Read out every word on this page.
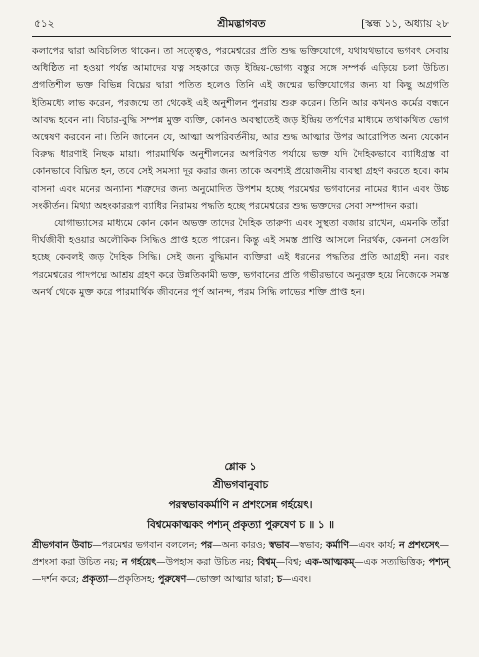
৫১২	শ্রীমদ্ভাগবত	[স্কন্ধ ১১, অধ্যায় ২৮

কলাপের দ্বারা অবিচলিত থাকেন। তা সত্ত্বেও, পরমেশ্বরের প্রতি শুদ্ধ ভক্তিযোগে, যথাযথভাবে ভগবৎ সেবায় অধিষ্ঠিত না হওয়া পর্যন্ত আমাদের যত্ন সহকারে জড় ইন্দ্রিয়-ভোগ্য বস্তুর সঙ্গে সম্পর্ক এড়িয়ে চলা উচিত। প্রগতিশীল ভক্ত বিভিন্ন বিঘ্নের দ্বারা পতিত হলেও তিনি এই জন্মের ভক্তিযোগের জন্য যা কিছু অগ্রগতি ইতিমধ্যে লাভ করেন, পরজন্মে তা থেকেই এই অনুশীলন পুনরায় শুরু করেন। তিনি আর কখনও কর্মের বন্ধনে আবদ্ধ হবেন না। বিচার-বুদ্ধি সম্পন্ন মুক্ত ব্যক্তি, কোনও অবস্থাতেই জড় ইন্দ্রিয় তর্পণের মাধ্যমে তথাকথিত ভোগ অন্বেষণ করবেন না। তিনি জানেন যে, আত্মা অপরিবর্তনীয়, আর শুদ্ধ আত্মার উপর আরোপিত অন্য যেকোন বিরুদ্ধ ধারণাই নিছক মায়া। পারমার্থিক অনুশীলনের অপরিণত পর্যায়ে ভক্ত যদি দৈহিকভাবে ব্যাধিগ্রস্ত বা কোনভাবে বিঘ্নিত হন, তবে সেই সমস্যা দূর করার জন্য তাকে অবশ্যই প্রয়োজনীয় ব্যবস্থা গ্রহণ করতে হবে। কাম বাসনা এবং মনের অন্যান্য শত্রুদের জন্য অনুমোদিত উপশম হচ্ছে পরমেশ্বর ভগবানের নামের ধ্যান এবং উচ্চ সংকীর্তন। মিথ্যা অহংকাররূপ ব্যাধির নিরাময় পদ্ধতি হচ্ছে পরমেশ্বরের শুদ্ধ ভক্তদের সেবা সম্পাদন করা।

যোগাভ্যাসের মাধ্যমে কোন কোন অভক্ত তাদের দৈহিক তারুণ্য এবং সুস্থতা বজায় রাখেন, এমনকি তাঁরা দীর্ঘজীবী হওয়ার অলৌকিক সিদ্ধিও প্রাপ্ত হতে পারেন। কিন্তু এই সমস্ত প্রাপ্তি আসলে নিরর্থক, কেননা সেগুলি হচ্ছে কেবলই জড় দৈহিক সিদ্ধি। সেই জন্য বুদ্ধিমান ব্যক্তিরা এই ধরনের পদ্ধতির প্রতি আগ্রহী নন। বরং পরমেশ্বরের পাদপদ্মে আশ্রয় গ্রহণ করে উন্নতিকামী ভক্ত, ভগবানের প্রতি গভীরভাবে অনুরক্ত হয়ে নিজেকে সমস্ত অনর্থ থেকে মুক্ত করে পারমার্থিক জীবনের পূর্ণ আনন্দ, পরম সিদ্ধি লাভের শক্তি প্রাপ্ত হন।

শ্লোক ১
শ্রীভগবানুবাচ
পরস্বভাবকর্মাণি ন প্রশংসেন্ন গর্হয়েৎ।
বিশ্বমেকাত্মকং পশ্যন্ প্রকৃত্যা পুরুষেণ চ ॥ ১ ॥
শ্রীভগবান উবাচ—পরমেশ্বর ভগবান বললেন; পর—অন্য কারও; স্বভাব—স্বভাব; কর্মাণি—এবং কার্য; ন প্রশংসেৎ—প্রশংসা করা উচিত নয়; ন গর্হয়েৎ—উপহাস করা উচিত নয়; বিশ্বম্—বিশ্ব; এক-আত্মকম্—এক সত্যভিত্তিক; পশ্যন্—দর্শন করে; প্রকৃত্যা—প্রকৃতিসহ; পুরুষেণ—ভোক্তা আত্মার দ্বারা; চ—এবং।
